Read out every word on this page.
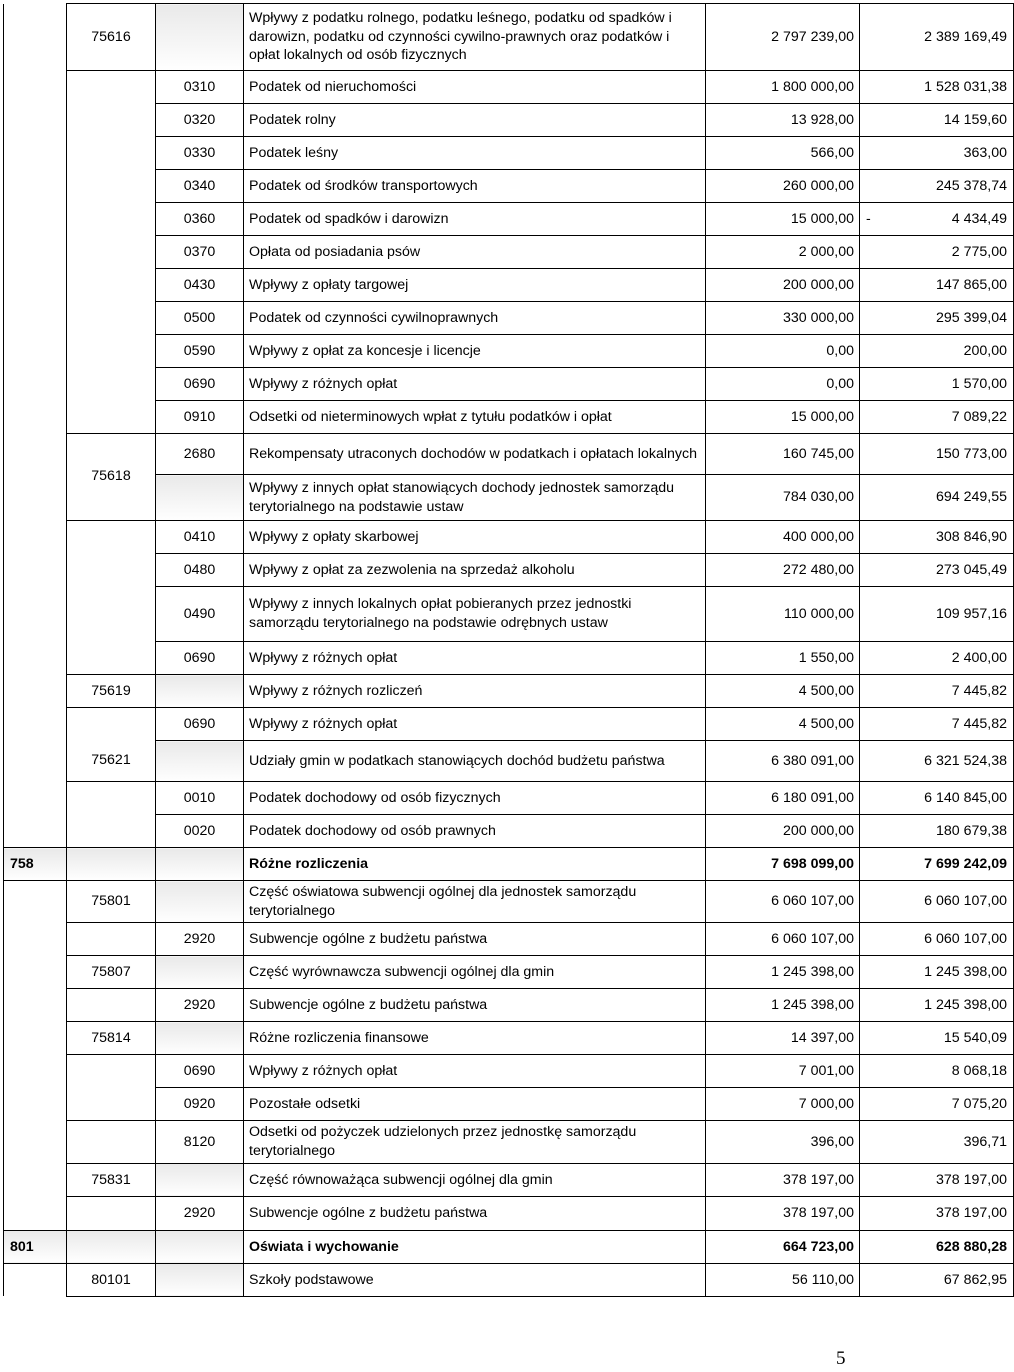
	75616		Wpływy z podatku rolnego, podatku leśnego, podatku od spadków i darowizn, podatku od czynności cywilno-prawnych oraz podatków i opłat lokalnych od osób fizycznych	2 797 239,00	2 389 169,49
		0310	Podatek od nieruchomości	1 800 000,00	1 528 031,38
		0320	Podatek rolny	13 928,00	14 159,60
		0330	Podatek leśny	566,00	363,00
		0340	Podatek od środków transportowych	260 000,00	245 378,74
		0360	Podatek od spadków i darowizn	15 000,00	- 4 434,49
		0370	Opłata od posiadania psów	2 000,00	2 775,00
		0430	Wpływy z opłaty targowej	200 000,00	147 865,00
		0500	Podatek od czynności cywilnoprawnych	330 000,00	295 399,04
		0590	Wpływy z opłat za koncesje i licencje	0,00	200,00
		0690	Wpływy z różnych opłat	0,00	1 570,00
		0910	Odsetki od nieterminowych wpłat z tytułu podatków i opłat	15 000,00	7 089,22
		2680	Rekompensaty utraconych dochodów w podatkach i opłatach lokalnych	160 745,00	150 773,00
	75618		Wpływy z innych opłat stanowiących dochody jednostek samorządu terytorialnego na podstawie ustaw	784 030,00	694 249,55
		0410	Wpływy z opłaty skarbowej	400 000,00	308 846,90
		0480	Wpływy z opłat za zezwolenia na sprzedaż alkoholu	272 480,00	273 045,49
		0490	Wpływy z innych lokalnych opłat pobieranych przez jednostki samorządu terytorialnego na podstawie odrębnych ustaw	110 000,00	109 957,16
		0690	Wpływy z różnych opłat	1 550,00	2 400,00
	75619		Wpływy z różnych rozliczeń	4 500,00	7 445,82
		0690	Wpływy z różnych opłat	4 500,00	7 445,82
	75621		Udziały gmin w podatkach stanowiących dochód budżetu państwa	6 380 091,00	6 321 524,38
		0010	Podatek dochodowy od osób fizycznych	6 180 091,00	6 140 845,00
		0020	Podatek dochodowy od osób prawnych	200 000,00	180 679,38
758			Różne rozliczenia	7 698 099,00	7 699 242,09
	75801		Część oświatowa subwencji ogólnej dla jednostek samorządu terytorialnego	6 060 107,00	6 060 107,00
		2920	Subwencje ogólne z budżetu państwa	6 060 107,00	6 060 107,00
	75807		Część wyrównawcza subwencji ogólnej dla gmin	1 245 398,00	1 245 398,00
		2920	Subwencje ogólne z budżetu państwa	1 245 398,00	1 245 398,00
	75814		Różne rozliczenia finansowe	14 397,00	15 540,09
		0690	Wpływy z różnych opłat	7 001,00	8 068,18
		0920	Pozostałe odsetki	7 000,00	7 075,20
		8120	Odsetki od pożyczek udzielonych przez jednostkę samorządu terytorialnego	396,00	396,71
	75831		Część równoważąca subwencji ogólnej dla gmin	378 197,00	378 197,00
		2920	Subwencje ogólne z budżetu państwa	378 197,00	378 197,00
801			Oświata i wychowanie	664 723,00	628 880,28
	80101		Szkoły podstawowe	56 110,00	67 862,95
5
